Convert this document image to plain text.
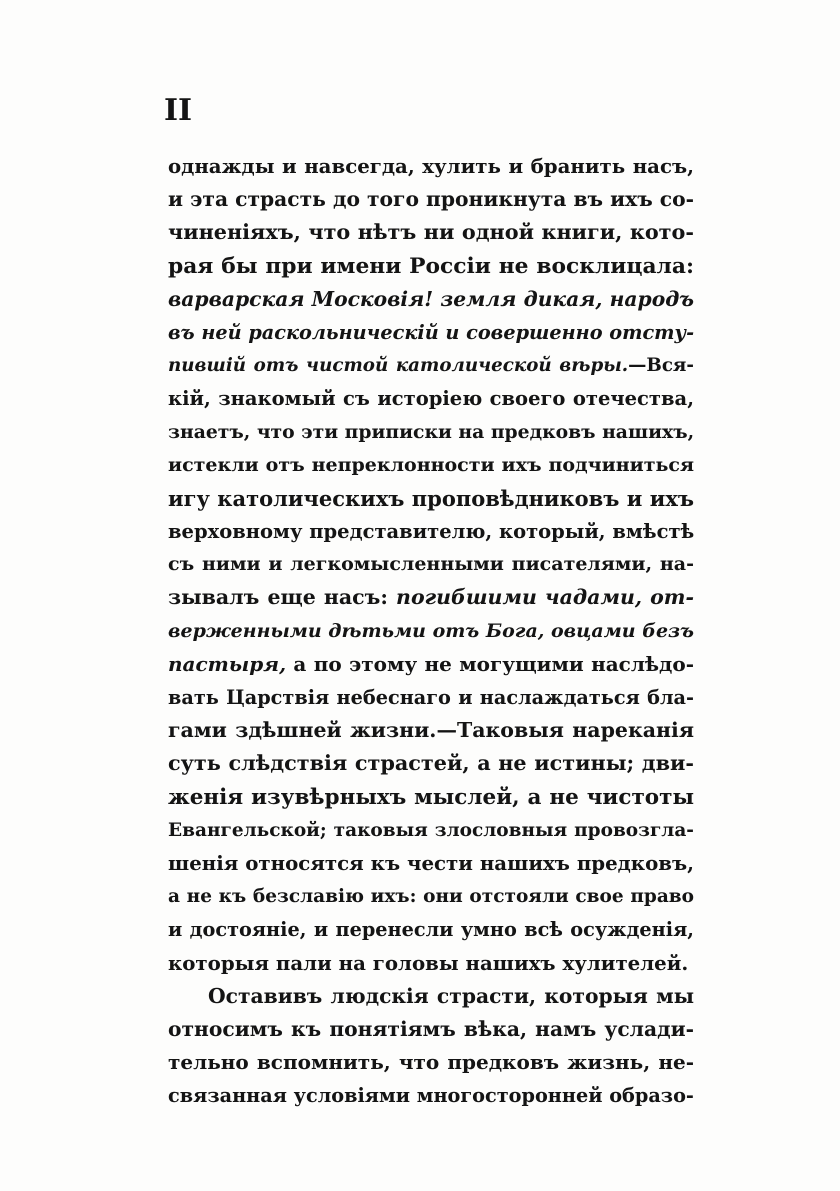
II
однажды и навсегда, хулить и бранить насъ,
и эта страсть до того проникнута въ ихъ со-
чиненіяхъ, что нѣтъ ни одной книги, кото-
рая бы при имени Россіи не восклицала:
варварская Московія! земля дикая, народъ
въ ней раскольническій и совершенно отсту-
пившій отъ чистой католической вѣры.—Вся-
кій, знакомый съ исторіею своего отечества,
знаетъ, что эти приписки на предковъ нашихъ,
истекли отъ непреклонности ихъ подчиниться
игу католическихъ проповѣдниковъ и ихъ
верховному представителю, который, вмѣстѣ
съ ними и легкомысленными писателями, на-
зывалъ еще насъ: погибшими чадами, от-
верженными дѣтьми отъ Бога, овцами безъ
пастыря, а по этому не могущими наслѣдо-
вать Царствія небеснаго и наслаждаться бла-
гами здѣшней жизни.—Таковыя нареканія
суть слѣдствія страстей, а не истины; дви-
женія изувѣрныхъ мыслей, а не чистоты
Евангельской; таковыя злословныя провозгла-
шенія относятся къ чести нашихъ предковъ,
а не къ безславію ихъ: они отстояли свое право
и достояніе, и перенесли умно всѣ осужденія,
которыя пали на головы нашихъ хулителей.
Оставивъ людскія страсти, которыя мы
относимъ къ понятіямъ вѣка, намъ услади-
тельно вспомнить, что предковъ жизнь, не-
связанная условіями многосторонней образо-
